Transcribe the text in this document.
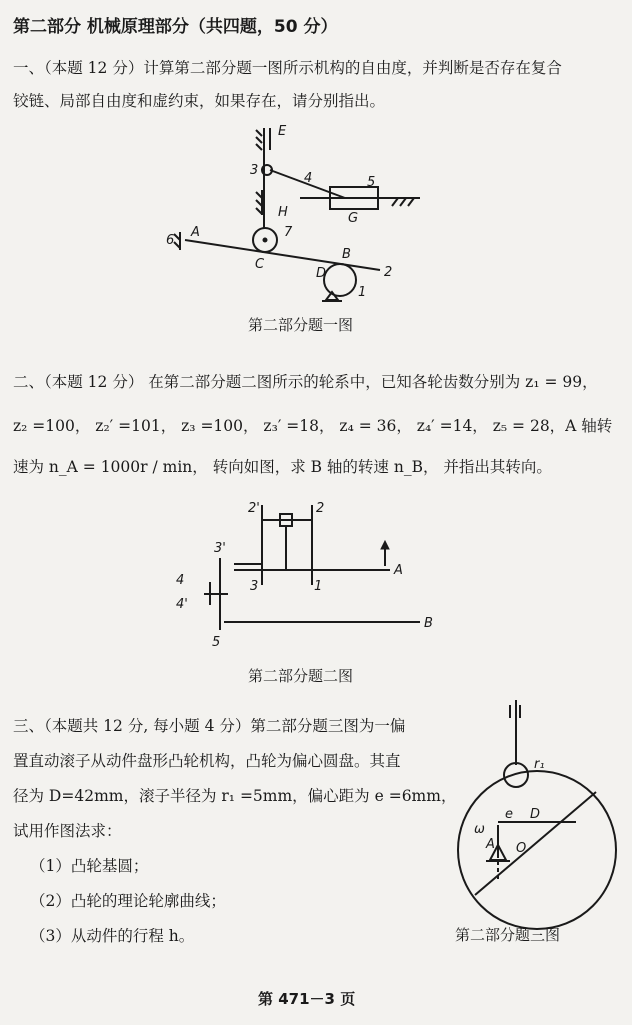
第二部分 机械原理部分（共四题，50 分）
一、（本题 12 分）计算第二部分题一图所示机构的自由度，并判断是否存在复合
铰链、局部自由度和虚约束，如果存在，请分别指出。
E
3
4	5
G
H
7
6
A
C
B
D
1
2
第二部分题一图
二、（本题 12 分） 在第二部分题二图所示的轮系中，已知各轮齿数分别为 z₁ = 99，
z₂ =100， z₂′ =101， z₃ =100， z₃′ =18， z₄ = 36， z₄′ =14， z₅ = 28，A 轴转
速为 n_A = 1000r / min， 转向如图，求 B 轴的转速 n_B， 并指出其转向。
2'	2
3'
4
4'
3	1
5
A
B
第二部分题二图
三、（本题共 12 分, 每小题 4 分）第二部分题三图为一偏
置直动滚子从动件盘形凸轮机构，凸轮为偏心圆盘。其直
径为 D=42mm，滚子半径为 r₁ =5mm，偏心距为 e =6mm，
试用作图法求：
（1）凸轮基圆；
（2）凸轮的理论轮廓曲线；
（3）从动件的行程 h。
r₁
e D
ω
A O
第二部分题三图
第 471－3 页
